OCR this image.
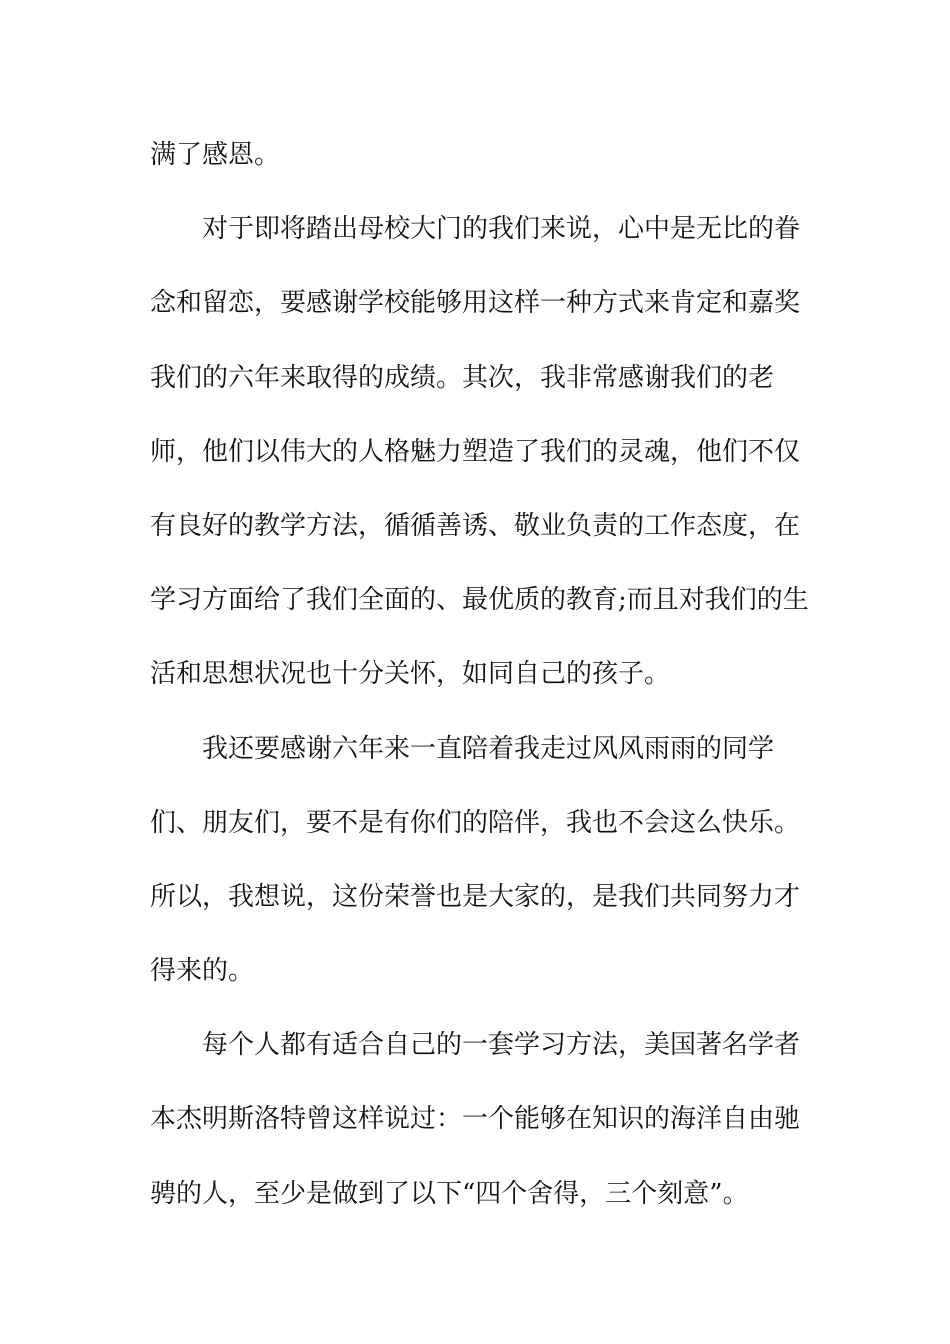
满了感恩。
对于即将踏出母校大门的我们来说，心中是无比的眷
念和留恋，要感谢学校能够用这样一种方式来肯定和嘉奖
我们的六年来取得的成绩。其次，我非常感谢我们的老
师，他们以伟大的人格魅力塑造了我们的灵魂，他们不仅
有良好的教学方法，循循善诱、敬业负责的工作态度，在
学习方面给了我们全面的、最优质的教育;而且对我们的生
活和思想状况也十分关怀，如同自己的孩子。
我还要感谢六年来一直陪着我走过风风雨雨的同学
们、朋友们，要不是有你们的陪伴，我也不会这么快乐。
所以，我想说，这份荣誉也是大家的，是我们共同努力才
得来的。
每个人都有适合自己的一套学习方法，美国著名学者
本杰明斯洛特曾这样说过：一个能够在知识的海洋自由驰
骋的人，至少是做到了以下“四个舍得，三个刻意”。
